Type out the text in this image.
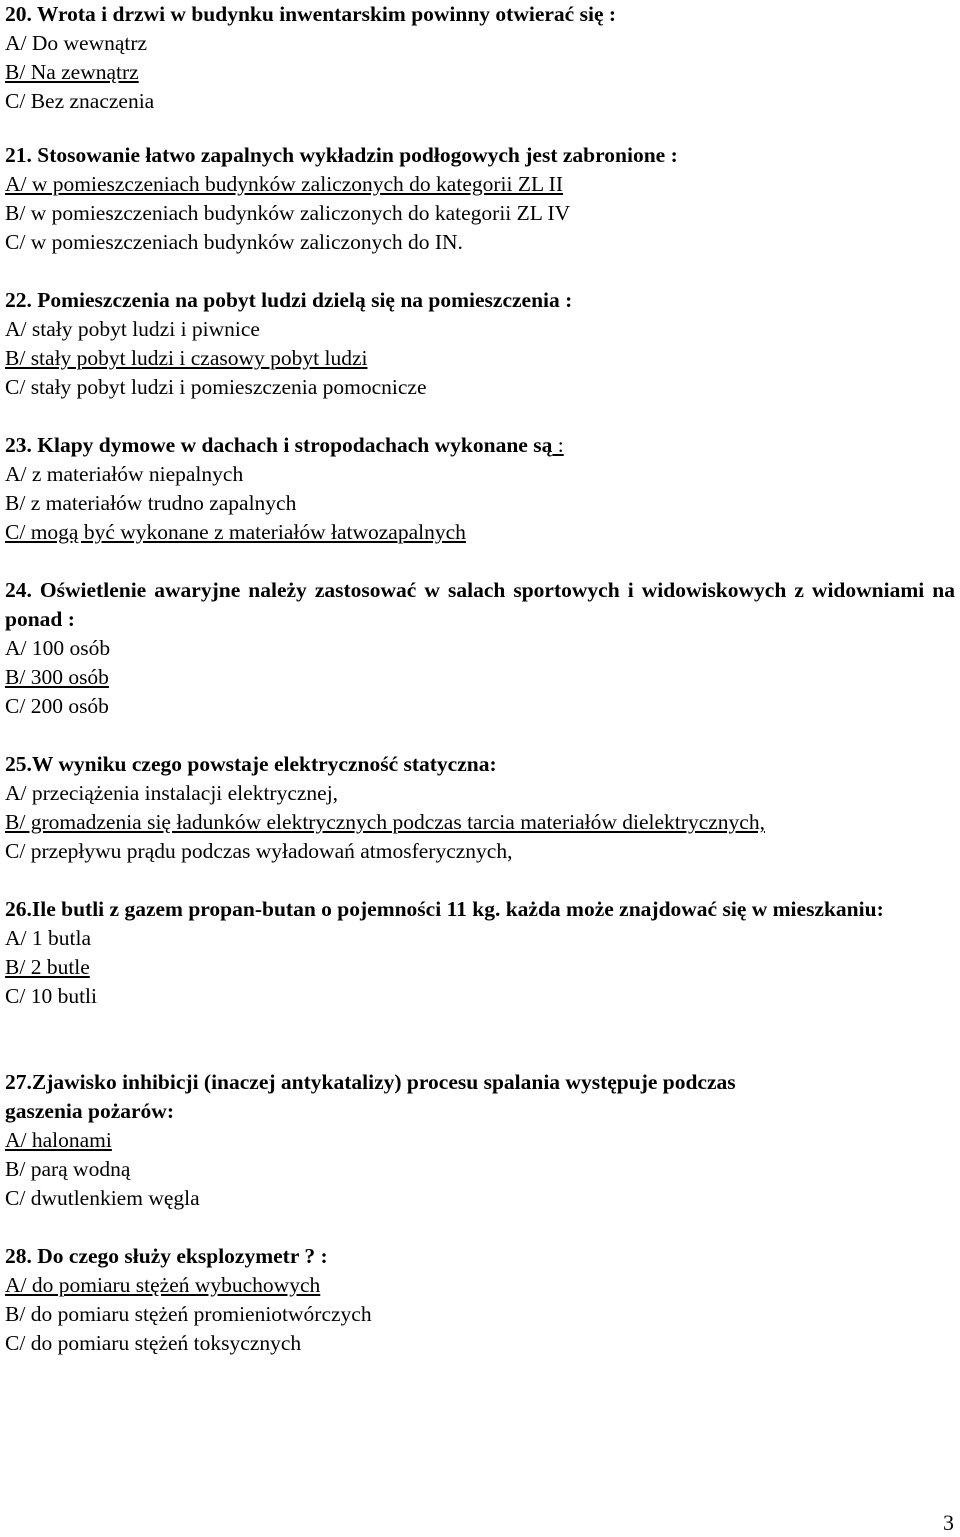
20. Wrota i drzwi w budynku inwentarskim powinny otwierać się :
A/ Do wewnątrz
B/ Na zewnątrz
C/ Bez znaczenia
21. Stosowanie łatwo zapalnych wykładzin podłogowych jest zabronione :
A/ w pomieszczeniach budynków zaliczonych do kategorii ZL II
B/ w pomieszczeniach budynków zaliczonych do kategorii ZL IV
C/ w pomieszczeniach budynków zaliczonych do IN.
22. Pomieszczenia na pobyt ludzi dzielą się na pomieszczenia :
A/ stały pobyt ludzi i piwnice
B/ stały pobyt ludzi i czasowy pobyt ludzi
C/ stały pobyt ludzi i pomieszczenia pomocnicze
23. Klapy dymowe w dachach i stropodachach wykonane są :
A/ z materiałów niepalnych
B/ z materiałów trudno zapalnych
C/ mogą być wykonane z materiałów łatwozapalnych
24. Oświetlenie awaryjne należy zastosować w salach sportowych i widowiskowych z widowniami na ponad :
A/ 100 osób
B/ 300 osób
C/ 200 osób
25.W wyniku czego powstaje elektryczność statyczna:
A/ przeciążenia instalacji elektrycznej,
B/ gromadzenia się ładunków elektrycznych podczas tarcia materiałów dielektrycznych,
C/ przepływu prądu podczas wyładowań atmosferycznych,
26.Ile butli z gazem propan-butan o pojemności 11 kg. każda może znajdować się w mieszkaniu:
A/ 1 butla
B/ 2 butle
C/ 10 butli
27.Zjawisko inhibicji (inaczej antykatalizy) procesu spalania występuje podczas
gaszenia pożarów:
A/ halonami
B/ parą wodną
C/ dwutlenkiem węgla
28. Do czego służy eksplozymetr ? :
A/ do pomiaru stężeń wybuchowych
B/ do pomiaru stężeń promieniotwórczych
C/ do pomiaru stężeń toksycznych
3
